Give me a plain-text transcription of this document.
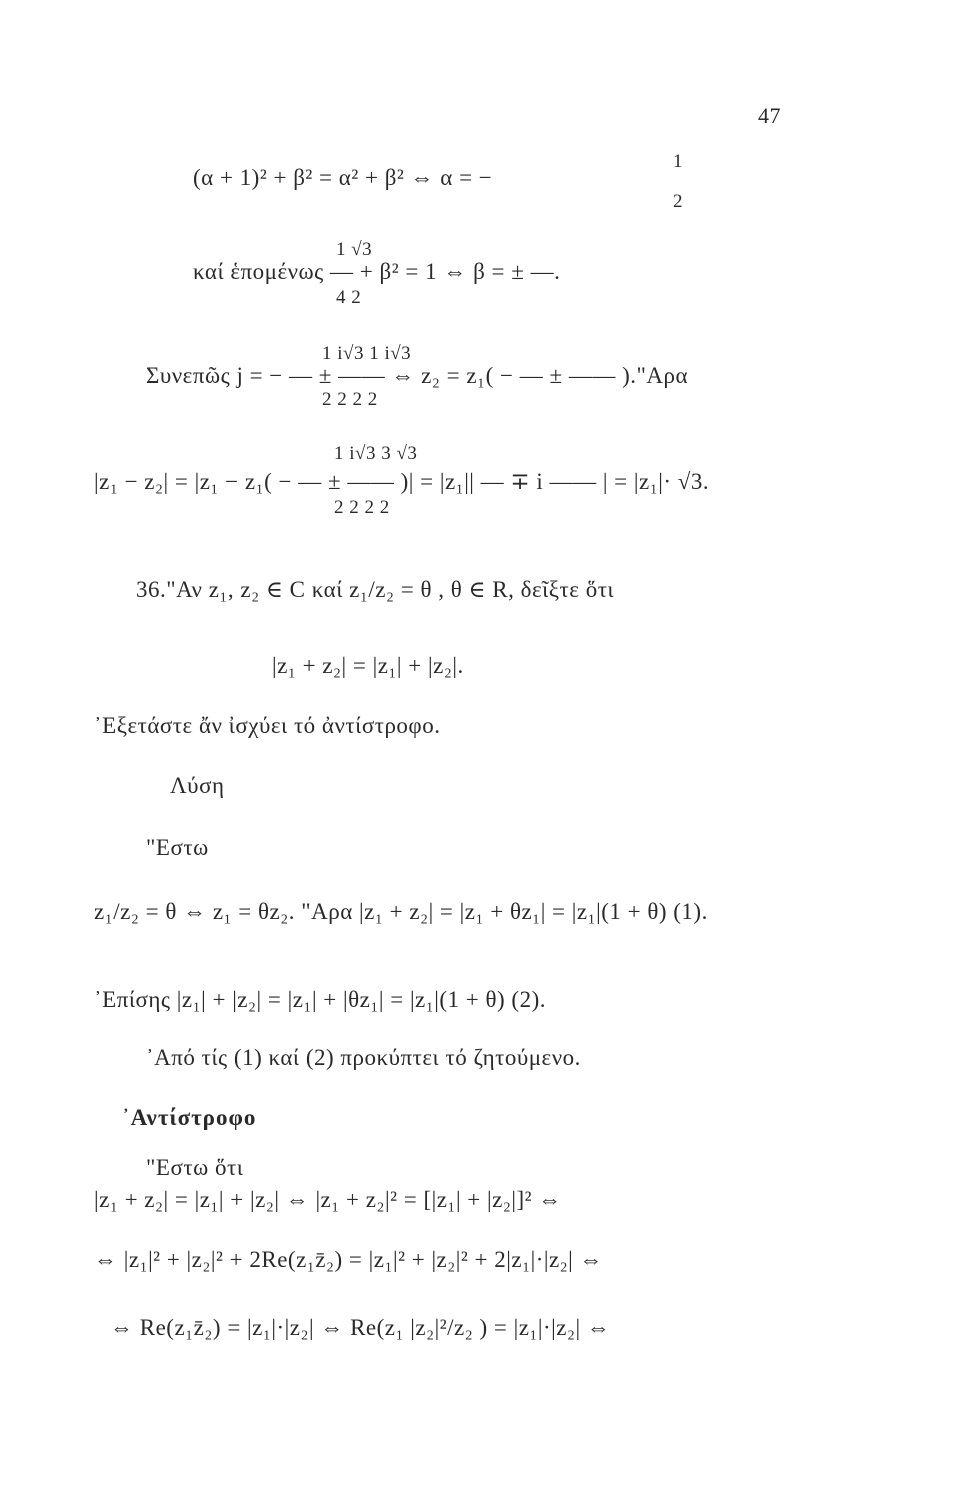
47
1
(α + 1)² + β² = α² + β² ⇔ α = −
2
1 √3
καί ἑπομένως — + β² = 1 ⇔ β = ± —.
4 2
1 i√3 1 i√3
Συνεπῶς j = − — ± —— ⇔ z₂ = z₁( − — ± —— )."Αρα
2 2 2 2
1 i√3 3 √3
|z₁ − z₂| = |z₁ − z₁( − — ± —— )| = |z₁|| — ∓ i —— | = |z₁|· √3.
2 2 2 2
36."Αν z₁, z₂ ∈ C καί z₁/z₂ = θ , θ ∈ R, δεῖξτε ὅτι
|z₁ + z₂| = |z₁| + |z₂|.
᾿Εξετάστε ἄν ἰσχύει τό ἀντίστροφο.
Λύση
"Εστω
z₁/z₂ = θ ⇔ z₁ = θz₂. "Αρα |z₁ + z₂| = |z₁ + θz₁| = |z₁|(1 + θ) (1).
᾿Επίσης |z₁| + |z₂| = |z₁| + |θz₁| = |z₁|(1 + θ) (2).
᾿Από τίς (1) καί (2) προκύπτει τό ζητούμενο.
᾿Αντίστροφο
"Εστω ὅτι
|z₁ + z₂| = |z₁| + |z₂| ⇔ |z₁ + z₂|² = [|z₁| + |z₂|]² ⇔
⇔ |z₁|² + |z₂|² + 2Re(z₁z̄₂) = |z₁|² + |z₂|² + 2|z₁|·|z₂| ⇔
⇔ Re(z₁z̄₂) = |z₁|·|z₂| ⇔ Re(z₁ |z₂|²/z₂ ) = |z₁|·|z₂| ⇔
